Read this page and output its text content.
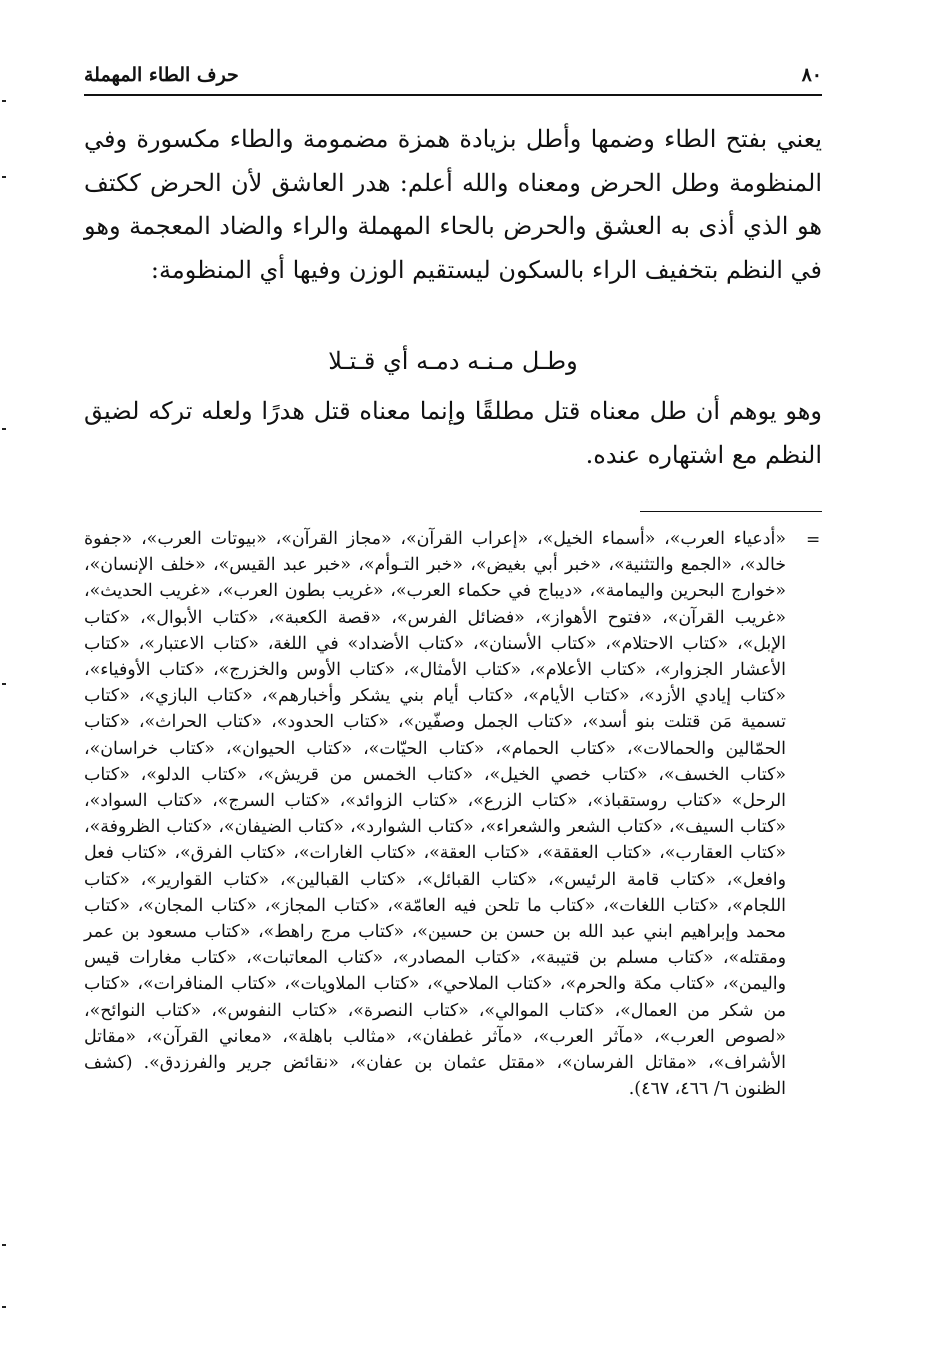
٨٠
حرف الطاء المهملة

يعني بفتح الطاء وضمها وأطل بزيادة همزة مضمومة والطاء مكسورة وفي المنظومة وطل الحرض ومعناه والله أعلم: هدر العاشق لأن الحرض ككتف هو الذي أذى به العشق والحرض بالحاء المهملة والراء والضاد المعجمة وهو في النظم بتخفيف الراء بالسكون ليستقيم الوزن وفيها أي المنظومة:

وطـل مـنـه دمـه أي قـتـلا

وهو يوهم أن طل معناه قتل مطلقًا وإنما معناه قتل هدرًا ولعله تركه لضيق النظم مع اشتهاره عنده.

=

«أدعياء العرب»، «أسماء الخيل»، «إعراب القرآن»، «مجاز القرآن»، «بيوتات العرب»، «جفوة خالد»، «الجمع والتثنية»، «خبر أبي بغيض»، «خبر التـوأم»، «خبر عبد القيس»، «خلف الإنسان»، «خوارج البحرين واليمامة»، «ديباج في حكماء العرب»، «غريب بطون العرب»، «غريب الحديث»، «غريب القرآن»، «فتوح الأهواز»، «فضائل الفرس»، «قصة الكعبة»، «كتاب الأبوال»، «كتاب الإبل»، «كتاب الاحتلام»، «كتاب الأسنان»، «كتاب الأضداد» في اللغة، «كتاب الاعتبار»، «كتاب الأعشار الجزوار»، «كتاب الأعلام»، «كتاب الأمثال»، «كتاب الأوس والخزرج»، «كتاب الأوفياء»، «كتاب إيادي الأزد»، «كتاب الأيام»، «كتاب أيام بني يشكر وأخبارهم»، «كتاب البازي»، «كتاب تسمية مَن قتلت بنو أسد»، «كتاب الجمل وصفّين»، «كتاب الحدود»، «كتاب الحراث»، «كتاب الحمّالين والحمالات»، «كتاب الحمام»، «كتاب الحيّات»، «كتاب الحيوان»، «كتاب خراسان»، «كتاب الخسف»، «كتاب خصي الخيل»، «كتاب الخمس من قريش»، «كتاب الدلو»، «كتاب الرحل» «كتاب روستقباذ»، «كتاب الزرع»، «كتاب الزوائد»، «كتاب السرج»، «كتاب السواد»، «كتاب السيف»، «كتاب الشعر والشعراء»، «كتاب الشوارد»، «كتاب الضيفان»، «كتاب الظروفة»، «كتاب العقارب»، «كتاب العققة»، «كتاب العقة»، «كتاب الغارات»، «كتاب الفرق»، «كتاب فعل وافعل»، «كتاب قامة الرئيس»، «كتاب القبائل»، «كتاب القبالين»، «كتاب القوارير»، «كتاب اللجام»، «كتاب اللغات»، «كتاب ما تلحن فيه العامّة»، «كتاب المجاز»، «كتاب المجان»، «كتاب محمد وإبراهيم ابني عبد الله بن حسن بن حسين»، «كتاب مرج راهط»، «كتاب مسعود بن عمر ومقتله»، «كتاب مسلم بن قتيبة»، «كتاب المصادر»، «كتاب المعاتبات»، «كتاب مغارات قيس واليمن»، «كتاب مكة والحرم»، «كتاب الملاحي»، «كتاب الملاويات»، «كتاب المنافرات»، «كتاب من شكر من العمال»، «كتاب الموالي»، «كتاب النصرة»، «كتاب النفوس»، «كتاب النوائح»، «لصوص العرب»، «مآثر العرب»، «مآثر غطفان»، «مثالب باهلة»، «معاني القرآن»، «مقاتل الأشراف»، «مقاتل الفرسان»، «مقتل عثمان بن عفان»، «نقائض جرير والفرزدق». (كشف الظنون ٦/ ٤٦٦، ٤٦٧).
